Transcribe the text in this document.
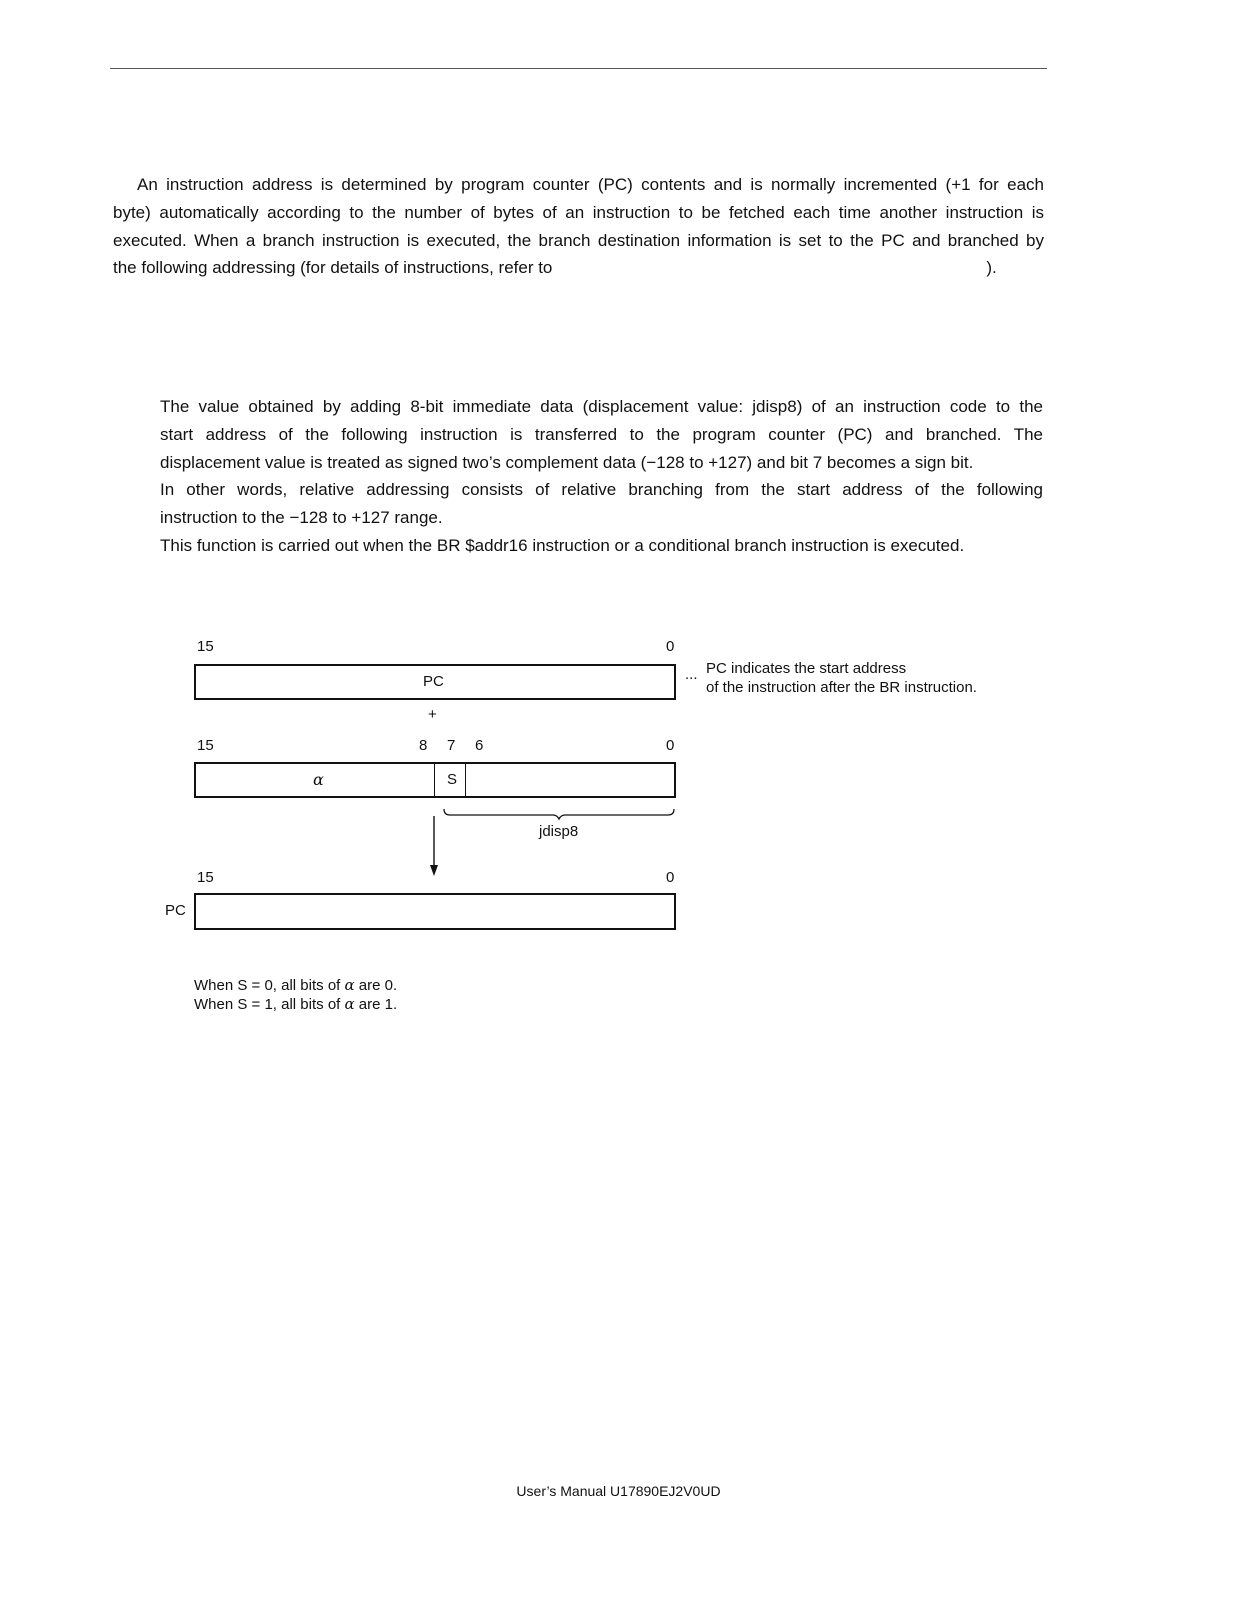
An instruction address is determined by program counter (PC) contents and is normally incremented (+1 for each
byte) automatically according to the number of bytes of an instruction to be fetched each time another instruction is
executed. When a branch instruction is executed, the branch destination information is set to the PC and branched by
the following addressing (for details of instructions, refer to	).
The value obtained by adding 8-bit immediate data (displacement value: jdisp8) of an instruction code to the
start address of the following instruction is transferred to the program counter (PC) and branched. The
displacement value is treated as signed two’s complement data (−128 to +127) and bit 7 becomes a sign bit.
In other words, relative addressing consists of relative branching from the start address of the following
instruction to the −128 to +127 range.
This function is carried out when the BR $addr16 instruction or a conditional branch instruction is executed.
15	0
PC	... PC indicates the start address
of the instruction after the BR instruction.
+
15	8 7 6	0
α	S
jdisp8
15	0
PC
When S = 0, all bits of α are 0.
When S = 1, all bits of α are 1.
User’s Manual U17890EJ2V0UD
